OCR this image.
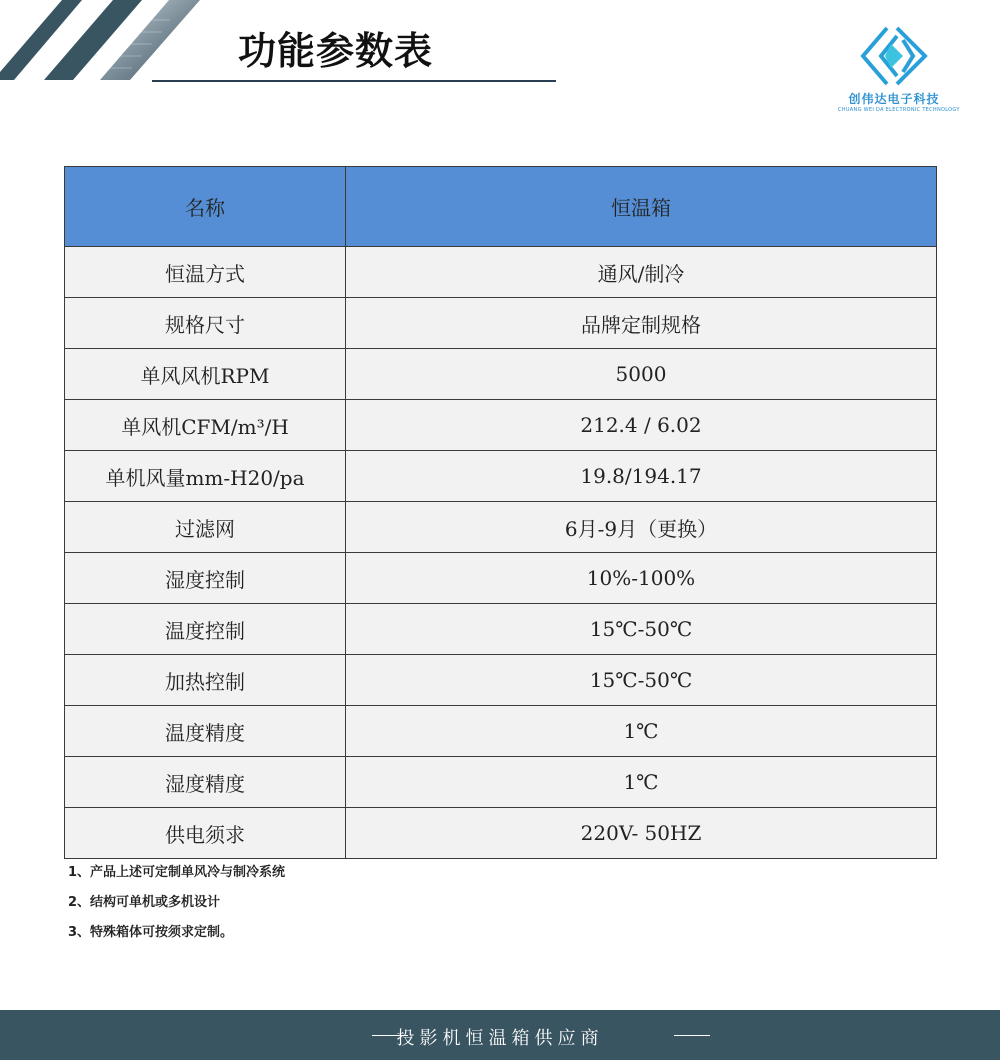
功能参数表
创伟达电子科技
CHUANG WEI DA ELECTRONIC TECHNOLOGY
名称	恒温箱
恒温方式	通风/制冷
规格尺寸	品牌定制规格
单风风机RPM	5000
单风机CFM/m³/H	212.4 / 6.02
单机风量mm-H20/pa	19.8/194.17
过滤网	6月-9月（更换）
湿度控制	10%-100%
温度控制	15℃-50℃
加热控制	15℃-50℃
温度精度	1℃
湿度精度	1℃
供电须求	220V- 50HZ
1、产品上述可定制单风冷与制冷系统
2、结构可单机或多机设计
3、特殊箱体可按须求定制。
投影机恒温箱供应商
